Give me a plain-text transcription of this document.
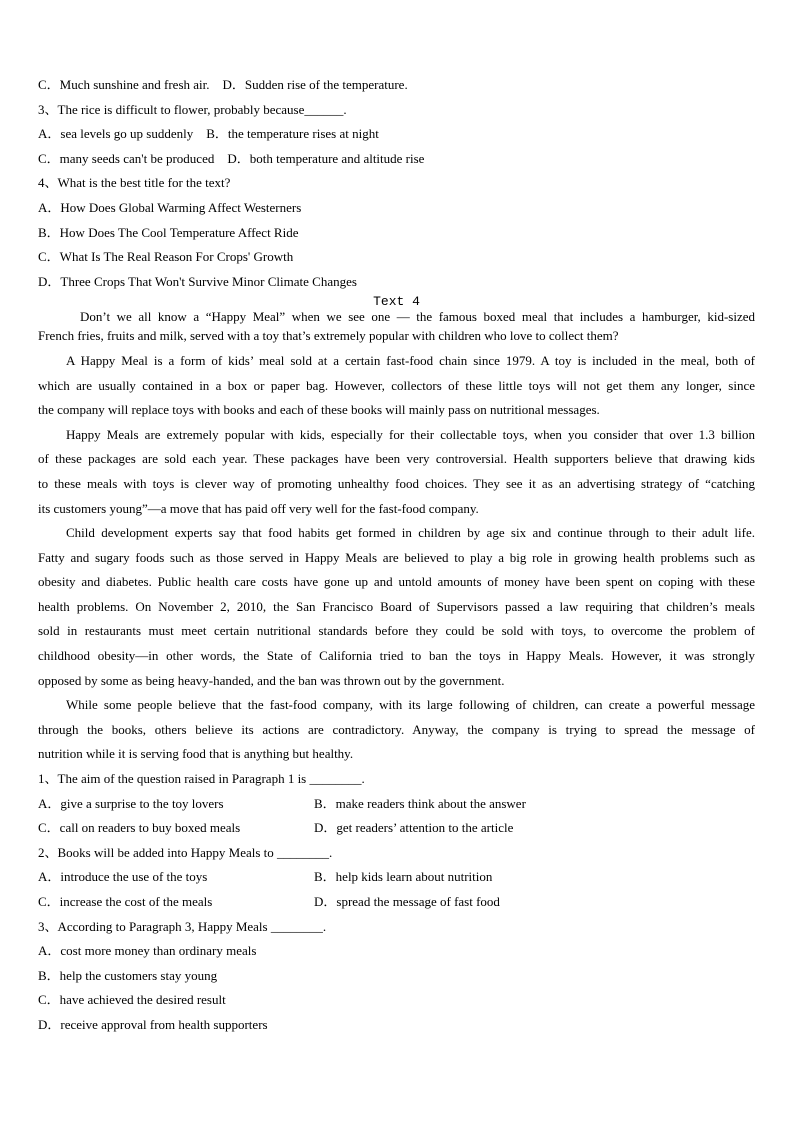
C．Much sunshine and fresh air.    D．Sudden rise of the temperature.
3、The rice is difficult to flower, probably because______.
A．sea levels go up suddenly    B．the temperature rises at night
C．many seeds can't be produced    D．both temperature and altitude rise
4、What is the best title for the text?
A．How Does Global Warming Affect Westerners
B．How Does The Cool Temperature Affect Ride
C．What Is The Real Reason For Crops' Growth
D．Three Crops That Won't Survive Minor Climate Changes
Text 4
Don’t we all know a “Happy Meal” when we see one — the famous boxed meal that includes a hamburger, kid-sized
French fries, fruits and milk, served with a toy that’s extremely popular with children who love to collect them?
A Happy Meal is a form of kids’ meal sold at a certain fast-food chain since 1979. A toy is included in the meal, both of
which are usually contained in a box or paper bag. However, collectors of these little toys will not get them any longer, since
the company will replace toys with books and each of these books will mainly pass on nutritional messages.
Happy Meals are extremely popular with kids, especially for their collectable toys, when you consider that over 1.3 billion
of these packages are sold each year. These packages have been very controversial. Health supporters believe that drawing kids
to these meals with toys is clever way of promoting unhealthy food choices. They see it as an advertising strategy of “catching
its customers young”—a move that has paid off very well for the fast-food company.
Child development experts say that food habits get formed in children by age six and continue through to their adult life.
Fatty and sugary foods such as those served in Happy Meals are believed to play a big role in growing health problems such as
obesity and diabetes. Public health care costs have gone up and untold amounts of money have been spent on coping with these
health problems. On November 2, 2010, the San Francisco Board of Supervisors passed a law requiring that children’s meals
sold in restaurants must meet certain nutritional standards before they could be sold with toys, to overcome the problem of
childhood obesity—in other words, the State of California tried to ban the toys in Happy Meals. However, it was strongly
opposed by some as being heavy-handed, and the ban was thrown out by the government.
While some people believe that the fast-food company, with its large following of children, can create a powerful message
through the books, others believe its actions are contradictory. Anyway, the company is trying to spread the message of
nutrition while it is serving food that is anything but healthy.
1、The aim of the question raised in Paragraph 1 is ________.
A．give a surprise to the toy lovers	B．make readers think about the answer
C．call on readers to buy boxed meals	D．get readers’ attention to the article
2、Books will be added into Happy Meals to ________.
A．introduce the use of the toys	B．help kids learn about nutrition
C．increase the cost of the meals	D．spread the message of fast food
3、According to Paragraph 3, Happy Meals ________.
A．cost more money than ordinary meals
B．help the customers stay young
C．have achieved the desired result
D．receive approval from health supporters
